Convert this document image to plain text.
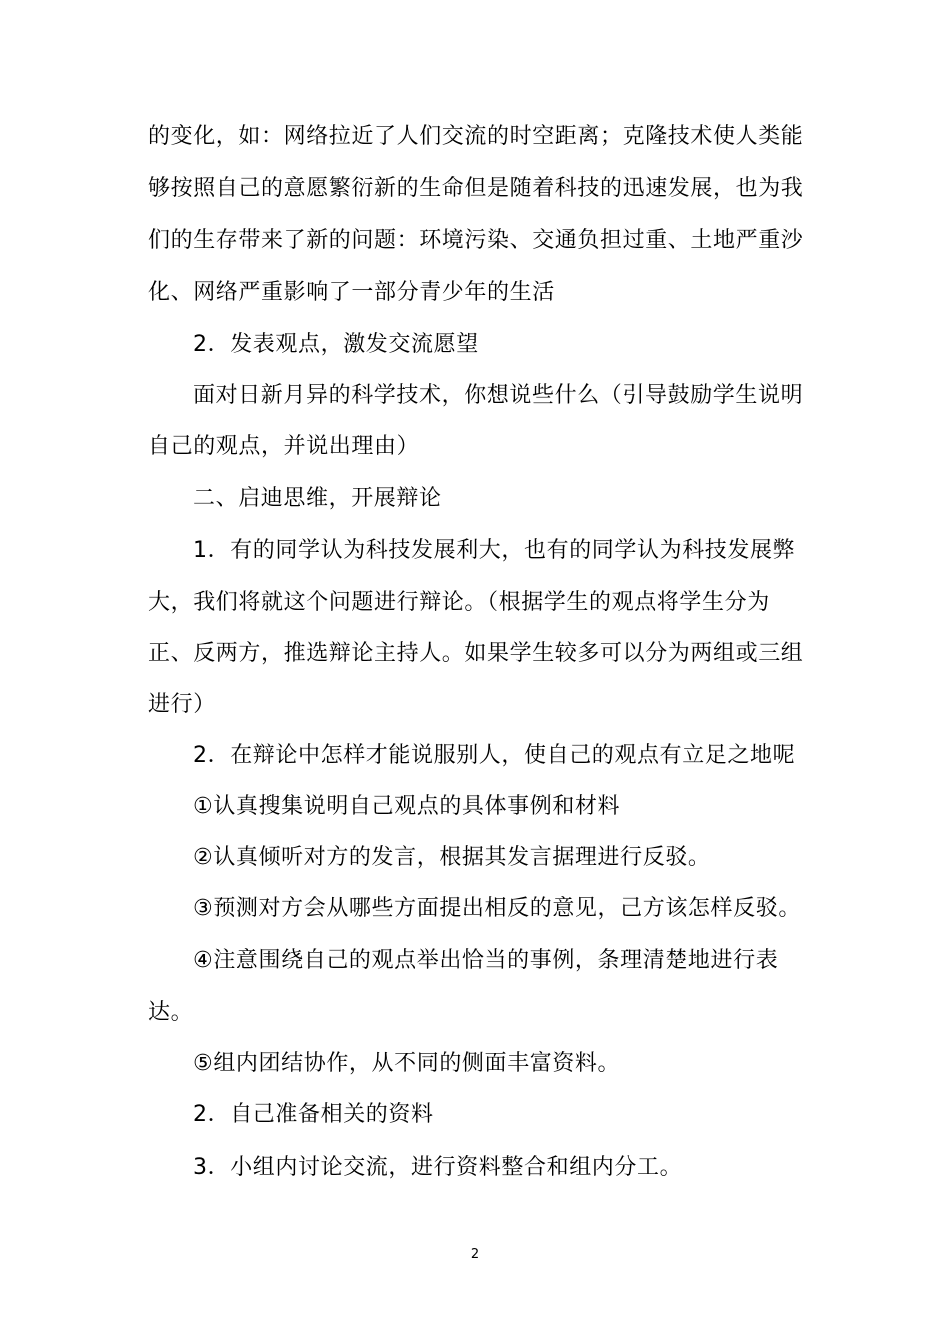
的变化，如：网络拉近了人们交流的时空距离；克隆技术使人类能
够按照自己的意愿繁衍新的生命但是随着科技的迅速发展，也为我
们的生存带来了新的问题：环境污染、交通负担过重、土地严重沙
化、网络严重影响了一部分青少年的生活
2．发表观点，激发交流愿望
面对日新月异的科学技术，你想说些什么（引导鼓励学生说明
自己的观点，并说出理由）
二、启迪思维，开展辩论
1．有的同学认为科技发展利大，也有的同学认为科技发展弊
大，我们将就这个问题进行辩论。（根据学生的观点将学生分为
正、反两方，推选辩论主持人。如果学生较多可以分为两组或三组
进行）
2．在辩论中怎样才能说服别人，使自己的观点有立足之地呢
①认真搜集说明自己观点的具体事例和材料
②认真倾听对方的发言，根据其发言据理进行反驳。
③预测对方会从哪些方面提出相反的意见，己方该怎样反驳。
④注意围绕自己的观点举出恰当的事例，条理清楚地进行表
达。
⑤组内团结协作，从不同的侧面丰富资料。
2．自己准备相关的资料
3．小组内讨论交流，进行资料整合和组内分工。
2
